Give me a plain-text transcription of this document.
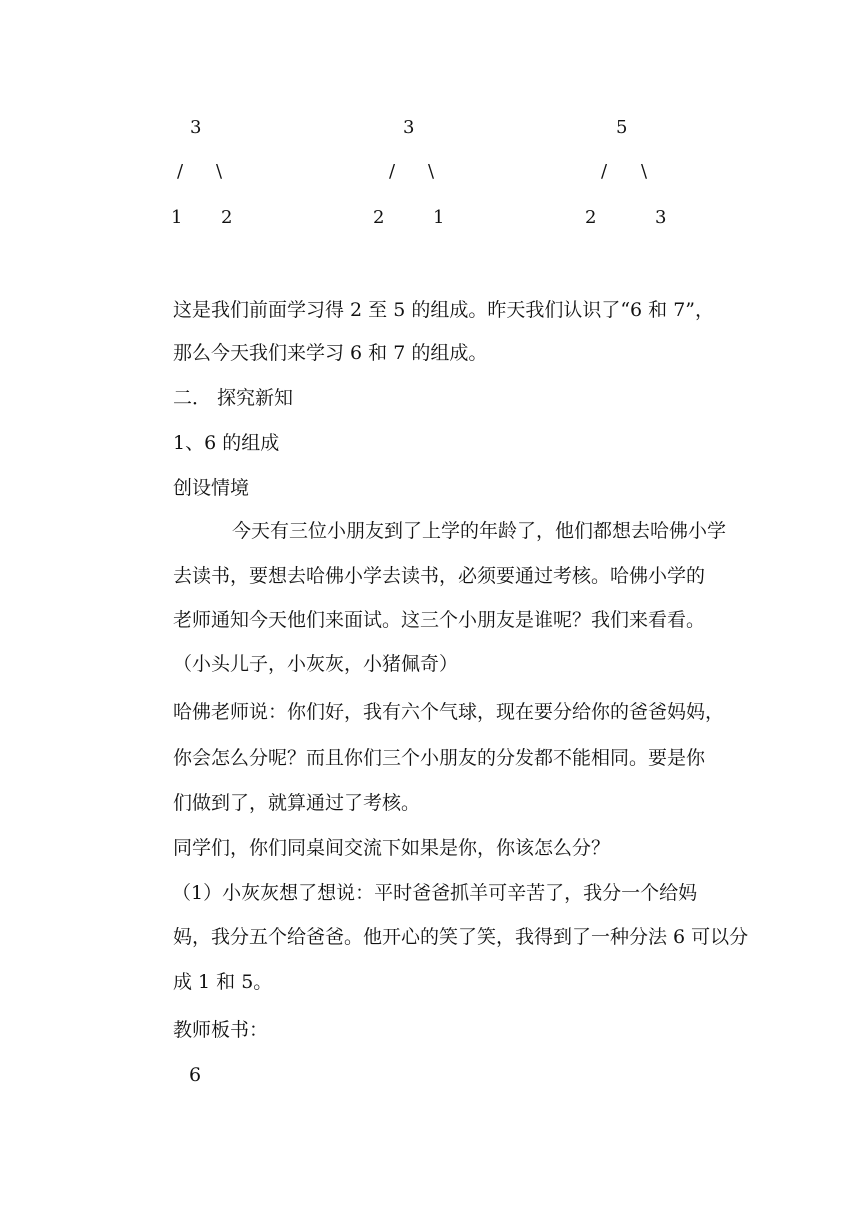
3
/ \
1 2
3
/ \
2	1
5
/ \
2	3
这是我们前面学习得 2 至 5 的组成。昨天我们认识了“6 和 7”，
那么今天我们来学习 6 和 7 的组成。
二． 探究新知
1、6 的组成
创设情境
今天有三位小朋友到了上学的年龄了，他们都想去哈佛小学
去读书，要想去哈佛小学去读书，必须要通过考核。哈佛小学的
老师通知今天他们来面试。这三个小朋友是谁呢？我们来看看。
（小头儿子，小灰灰，小猪佩奇）
哈佛老师说：你们好，我有六个气球，现在要分给你的爸爸妈妈，
你会怎么分呢？而且你们三个小朋友的分发都不能相同。要是你
们做到了，就算通过了考核。
同学们，你们同桌间交流下如果是你，你该怎么分？
（1）小灰灰想了想说：平时爸爸抓羊可辛苦了，我分一个给妈
妈，我分五个给爸爸。他开心的笑了笑，我得到了一种分法 6 可以分
成 1 和 5。
教师板书：
6
